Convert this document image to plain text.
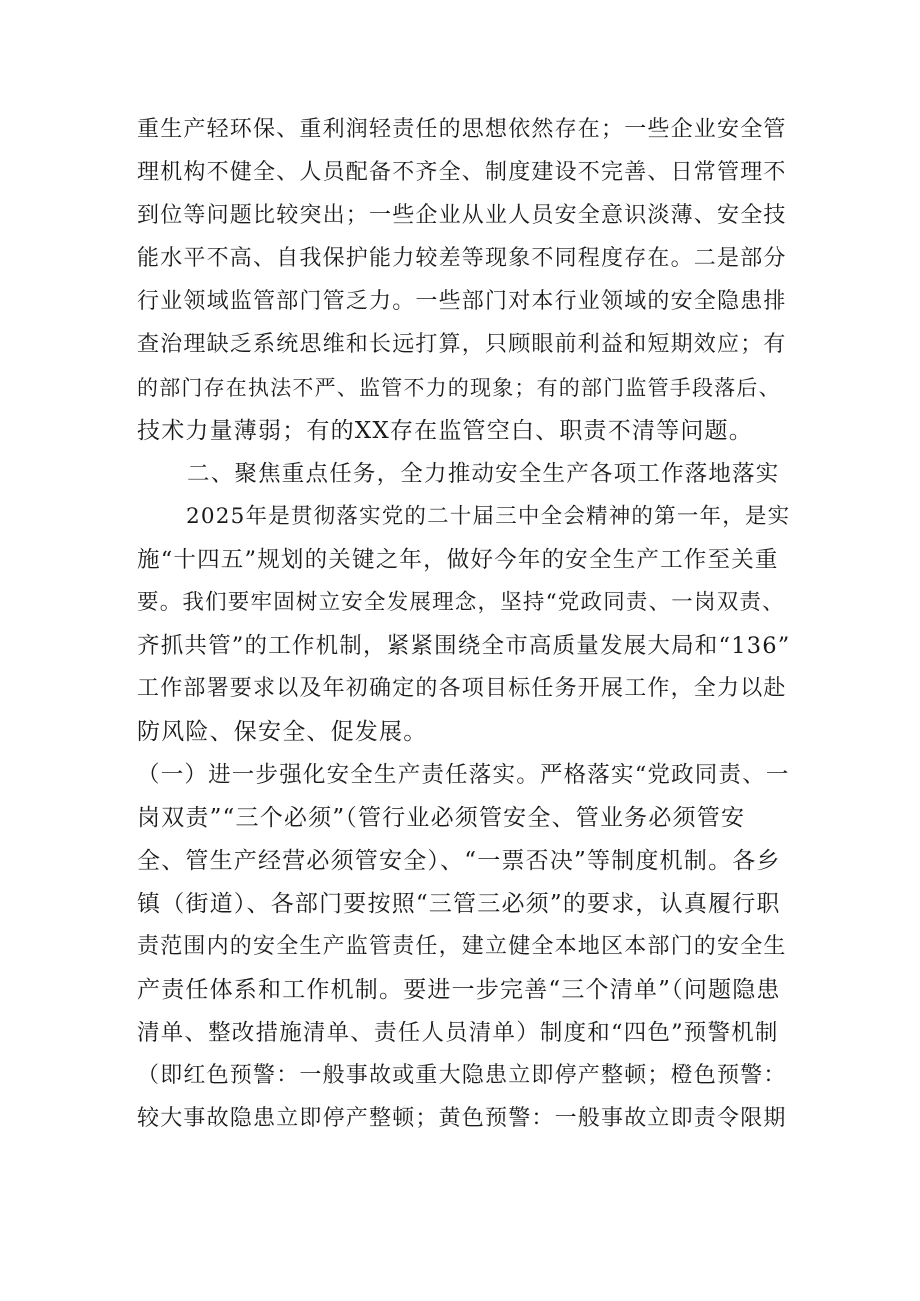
重生产轻环保、重利润轻责任的思想依然存在；一些企业安全管
理机构不健全、人员配备不齐全、制度建设不完善、日常管理不
到位等问题比较突出；一些企业从业人员安全意识淡薄、安全技
能水平不高、自我保护能力较差等现象不同程度存在。二是部分
行业领域监管部门管乏力。一些部门对本行业领域的安全隐患排
查治理缺乏系统思维和长远打算，只顾眼前利益和短期效应；有
的部门存在执法不严、监管不力的现象；有的部门监管手段落后、
技术力量薄弱；有的XX存在监管空白、职责不清等问题。
二、聚焦重点任务，全力推动安全生产各项工作落地落实
2025年是贯彻落实党的二十届三中全会精神的第一年，是实
施“十四五”规划的关键之年，做好今年的安全生产工作至关重
要。我们要牢固树立安全发展理念，坚持“党政同责、一岗双责、
齐抓共管”的工作机制，紧紧围绕全市高质量发展大局和“136”
工作部署要求以及年初确定的各项目标任务开展工作，全力以赴
防风险、保安全、促发展。
（一）进一步强化安全生产责任落实。严格落实“党政同责、一
岗双责”“三个必须”（管行业必须管安全、管业务必须管安
全、管生产经营必须管安全）、“一票否决”等制度机制。各乡
镇（街道）、各部门要按照“三管三必须”的要求，认真履行职
责范围内的安全生产监管责任，建立健全本地区本部门的安全生
产责任体系和工作机制。要进一步完善“三个清单”（问题隐患
清单、整改措施清单、责任人员清单）制度和“四色”预警机制
（即红色预警：一般事故或重大隐患立即停产整顿；橙色预警：
较大事故隐患立即停产整顿；黄色预警：一般事故立即责令限期
